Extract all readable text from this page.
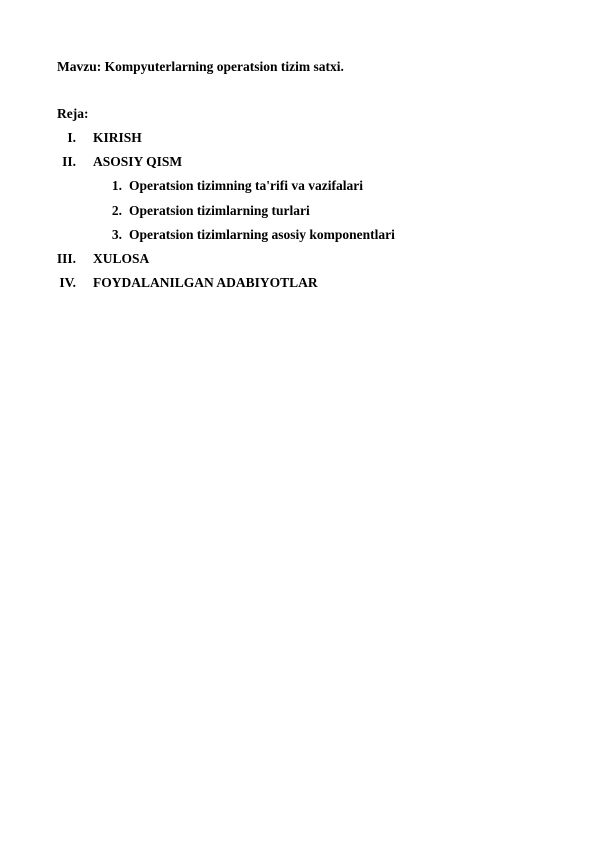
Mavzu: Kompyuterlarning operatsion tizim satxi.
Reja:
I. KIRISH
II. ASOSIY QISM
1. Operatsion tizimning ta'rifi va vazifalari
2. Operatsion tizimlarning turlari
3. Operatsion tizimlarning asosiy komponentlari
III. XULOSA
IV. FOYDALANILGAN ADABIYOTLAR
